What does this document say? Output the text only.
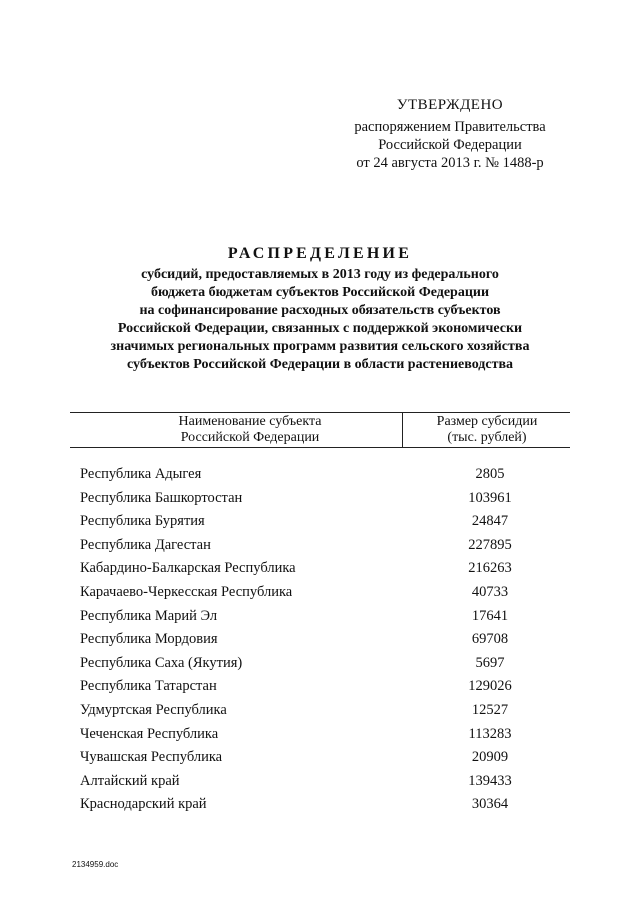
УТВЕРЖДЕНО
распоряжением Правительства
Российской Федерации
от 24 августа 2013 г. № 1488-р
РАСПРЕДЕЛЕНИЕ
субсидий, предоставляемых в 2013 году из федерального
бюджета бюджетам субъектов Российской Федерации
на софинансирование расходных обязательств субъектов
Российской Федерации, связанных с поддержкой экономически
значимых региональных программ развития сельского хозяйства
субъектов Российской Федерации в области растениеводства
Наименование субъекта
Российской Федерации
Размер субсидии
(тыс. рублей)
Республика Адыгея	2805
Республика Башкортостан	103961
Республика Бурятия	24847
Республика Дагестан	227895
Кабардино-Балкарская Республика	216263
Карачаево-Черкесская Республика	40733
Республика Марий Эл	17641
Республика Мордовия	69708
Республика Саха (Якутия)	5697
Республика Татарстан	129026
Удмуртская Республика	12527
Чеченская Республика	113283
Чувашская Республика	20909
Алтайский край	139433
Краснодарский край	30364
2134959.doc
